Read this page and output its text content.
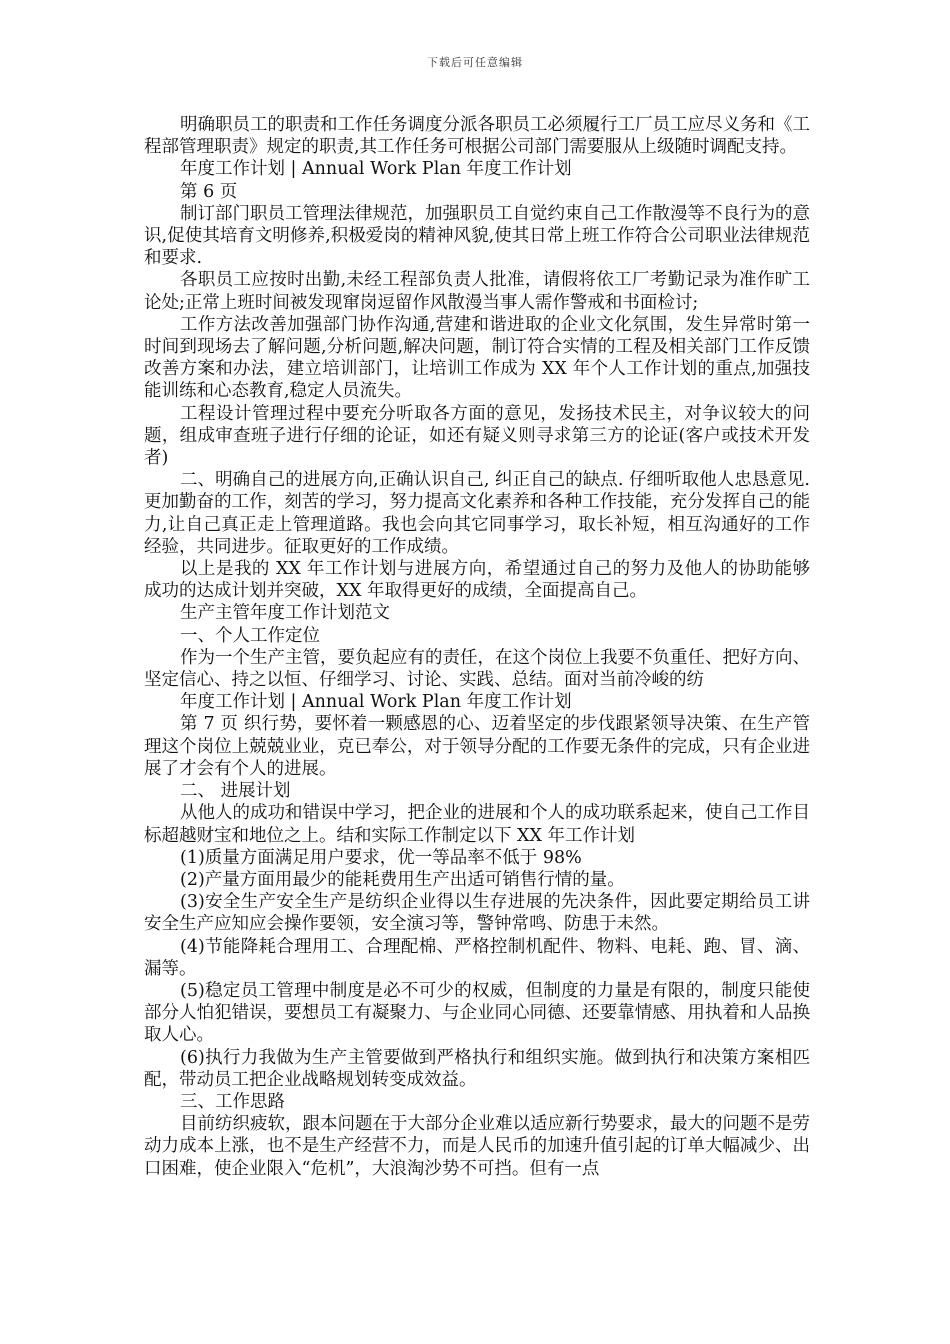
下载后可任意编辑

明确职员工的职责和工作任务调度分派各职员工必须履行工厂员工应尽义务和《工程部管理职责》规定的职责,其工作任务可根据公司部门需要服从上级随时调配支持。

年度工作计划 | Annual Work Plan 年度工作计划

第 6 页

制订部门职员工管理法律规范，加强职员工自觉约束自己工作散漫等不良行为的意识,促使其培育文明修养,积极爱岗的精神风貌,使其日常上班工作符合公司职业法律规范和要求.

各职员工应按时出勤,未经工程部负责人批准，请假将依工厂考勤记录为准作旷工论处;正常上班时间被发现窜岗逗留作风散漫当事人需作警戒和书面检讨;

工作方法改善加强部门协作沟通,营建和谐进取的企业文化氛围，发生异常时第一时间到现场去了解问题,分析问题,解决问题，制订符合实情的工程及相关部门工作反馈改善方案和办法，建立培训部门，让培训工作成为 XX 年个人工作计划的重点,加强技能训练和心态教育,稳定人员流失。

工程设计管理过程中要充分听取各方面的意见，发扬技术民主，对争议较大的问题，组成审查班子进行仔细的论证，如还有疑义则寻求第三方的论证(客户或技术开发者)

二、明确自己的进展方向,正确认识自己, 纠正自己的缺点. 仔细听取他人忠恳意见. 更加勤奋的工作，刻苦的学习，努力提高文化素养和各种工作技能，充分发挥自己的能力,让自己真正走上管理道路。我也会向其它同事学习，取长补短，相互沟通好的工作经验，共同进步。征取更好的工作成绩。

以上是我的 XX 年工作计划与进展方向，希望通过自己的努力及他人的协助能够成功的达成计划并突破，XX 年取得更好的成绩，全面提高自己。

生产主管年度工作计划范文

一、个人工作定位

作为一个生产主管，要负起应有的责任，在这个岗位上我要不负重任、把好方向、坚定信心、持之以恒、仔细学习、讨论、实践、总结。面对当前冷峻的纺

年度工作计划 | Annual Work Plan 年度工作计划

第 7 页 织行势，要怀着一颗感恩的心、迈着坚定的步伐跟紧领导决策、在生产管理这个岗位上兢兢业业，克已奉公，对于领导分配的工作要无条件的完成，只有企业进展了才会有个人的进展。

二、 进展计划

从他人的成功和错误中学习，把企业的进展和个人的成功联系起来，使自己工作目标超越财宝和地位之上。结和实际工作制定以下 XX 年工作计划

(1)质量方面满足用户要求，优一等品率不低于 98%

(2)产量方面用最少的能耗费用生产出适可销售行情的量。

(3)安全生产安全生产是纺织企业得以生存进展的先决条件，因此要定期给员工讲安全生产应知应会操作要领，安全演习等，警钟常鸣、防患于未然。

(4)节能降耗合理用工、合理配棉、严格控制机配件、物料、电耗、跑、冒、滴、漏等。

(5)稳定员工管理中制度是必不可少的权威，但制度的力量是有限的，制度只能使部分人怕犯错误，要想员工有凝聚力、与企业同心同德、还要靠情感、用执着和人品换取人心。

(6)执行力我做为生产主管要做到严格执行和组织实施。做到执行和决策方案相匹配，带动员工把企业战略规划转变成效益。

三、工作思路

目前纺织疲软，跟本问题在于大部分企业难以适应新行势要求，最大的问题不是劳动力成本上涨，也不是生产经营不力，而是人民币的加速升值引起的订单大幅减少、出口困难，使企业限入“危机”，大浪淘沙势不可挡。但有一点
